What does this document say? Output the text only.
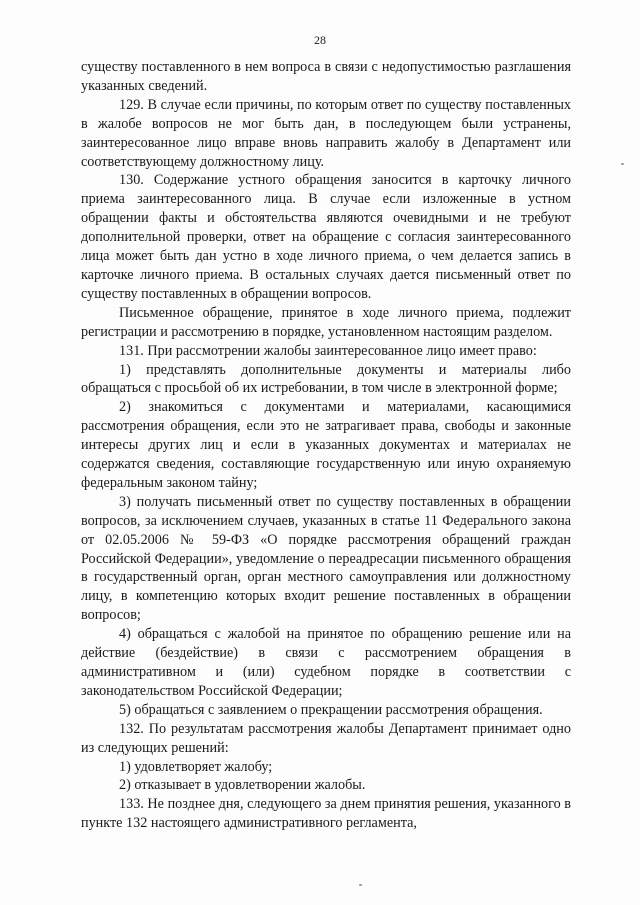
28

существу поставленного в нем вопроса в связи с недопустимостью разглашения указанных сведений.

129. В случае если причины, по которым ответ по существу поставленных в жалобе вопросов не мог быть дан, в последующем были устранены, заинтересованное лицо вправе вновь направить жалобу в Департамент или соответствующему должностному лицу.

130. Содержание устного обращения заносится в карточку личного приема заинтересованного лица. В случае если изложенные в устном обращении факты и обстоятельства являются очевидными и не требуют дополнительной проверки, ответ на обращение с согласия заинтересованного лица может быть дан устно в ходе личного приема, о чем делается запись в карточке личного приема. В остальных случаях дается письменный ответ по существу поставленных в обращении вопросов.

Письменное обращение, принятое в ходе личного приема, подлежит регистрации и рассмотрению в порядке, установленном настоящим разделом.

131. При рассмотрении жалобы заинтересованное лицо имеет право:

1) представлять дополнительные документы и материалы либо обращаться с просьбой об их истребовании, в том числе в электронной форме;

2) знакомиться с документами и материалами, касающимися рассмотрения обращения, если это не затрагивает права, свободы и законные интересы других лиц и если в указанных документах и материалах не содержатся сведения, составляющие государственную или иную охраняемую федеральным законом тайну;

3) получать письменный ответ по существу поставленных в обращении вопросов, за исключением случаев, указанных в статье 11 Федерального закона от 02.05.2006 № 59-ФЗ «О порядке рассмотрения обращений граждан Российской Федерации», уведомление о переадресации письменного обращения в государственный орган, орган местного самоуправления или должностному лицу, в компетенцию которых входит решение поставленных в обращении вопросов;

4) обращаться с жалобой на принятое по обращению решение или на действие (бездействие) в связи с рассмотрением обращения в административном и (или) судебном порядке в соответствии с законодательством Российской Федерации;

5) обращаться с заявлением о прекращении рассмотрения обращения.

132. По результатам рассмотрения жалобы Департамент принимает одно из следующих решений:

1) удовлетворяет жалобу;

2) отказывает в удовлетворении жалобы.

133. Не позднее дня, следующего за днем принятия решения, указанного в пункте 132 настоящего административного регламента,
